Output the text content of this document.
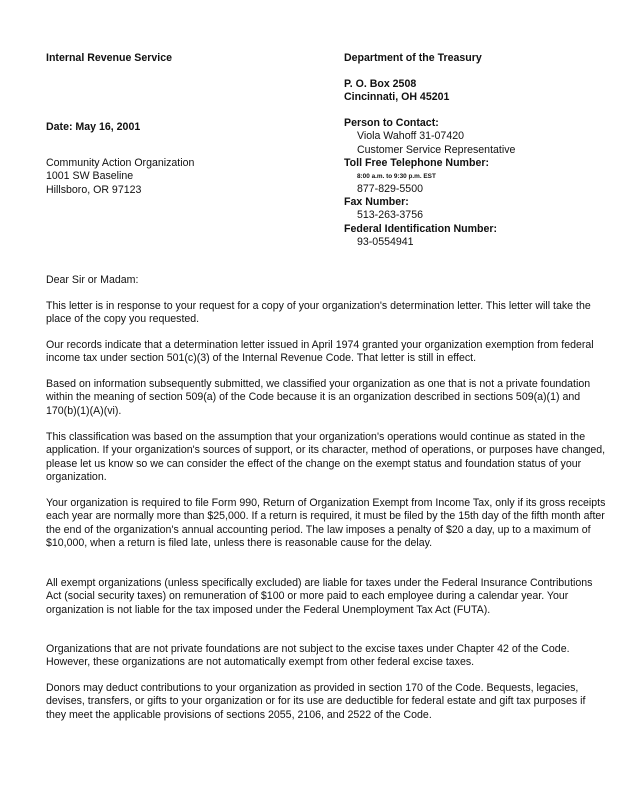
Internal Revenue Service
Date: May 16, 2001
Community Action Organization
1001 SW Baseline
Hillsboro, OR 97123
Department of the Treasury
P. O. Box 2508
Cincinnati, OH 45201
Person to Contact:
Viola Wahoff 31-07420
Customer Service Representative
Toll Free Telephone Number:
8:00 a.m. to 9:30 p.m. EST
877-829-5500
Fax Number:
513-263-3756
Federal Identification Number:
93-0554941
Dear Sir or Madam:

This letter is in response to your request for a copy of your organization's determination letter. This letter will take the place of the copy you requested.

Our records indicate that a determination letter issued in April 1974 granted your organization exemption from federal income tax under section 501(c)(3) of the Internal Revenue Code. That letter is still in effect.

Based on information subsequently submitted, we classified your organization as one that is not a private foundation within the meaning of section 509(a) of the Code because it is an organization described in sections 509(a)(1) and 170(b)(1)(A)(vi).

This classification was based on the assumption that your organization's operations would continue as stated in the application. If your organization's sources of support, or its character, method of operations, or purposes have changed, please let us know so we can consider the effect of the change on the exempt status and foundation status of your organization.

Your organization is required to file Form 990, Return of Organization Exempt from Income Tax, only if its gross receipts each year are normally more than $25,000. If a return is required, it must be filed by the 15th day of the fifth month after the end of the organization's annual accounting period. The law imposes a penalty of $20 a day, up to a maximum of $10,000, when a return is filed late, unless there is reasonable cause for the delay.

All exempt organizations (unless specifically excluded) are liable for taxes under the Federal Insurance Contributions Act (social security taxes) on remuneration of $100 or more paid to each employee during a calendar year. Your organization is not liable for the tax imposed under the Federal Unemployment Tax Act (FUTA).

Organizations that are not private foundations are not subject to the excise taxes under Chapter 42 of the Code. However, these organizations are not automatically exempt from other federal excise taxes.

Donors may deduct contributions to your organization as provided in section 170 of the Code. Bequests, legacies, devises, transfers, or gifts to your organization or for its use are deductible for federal estate and gift tax purposes if they meet the applicable provisions of sections 2055, 2106, and 2522 of the Code.
